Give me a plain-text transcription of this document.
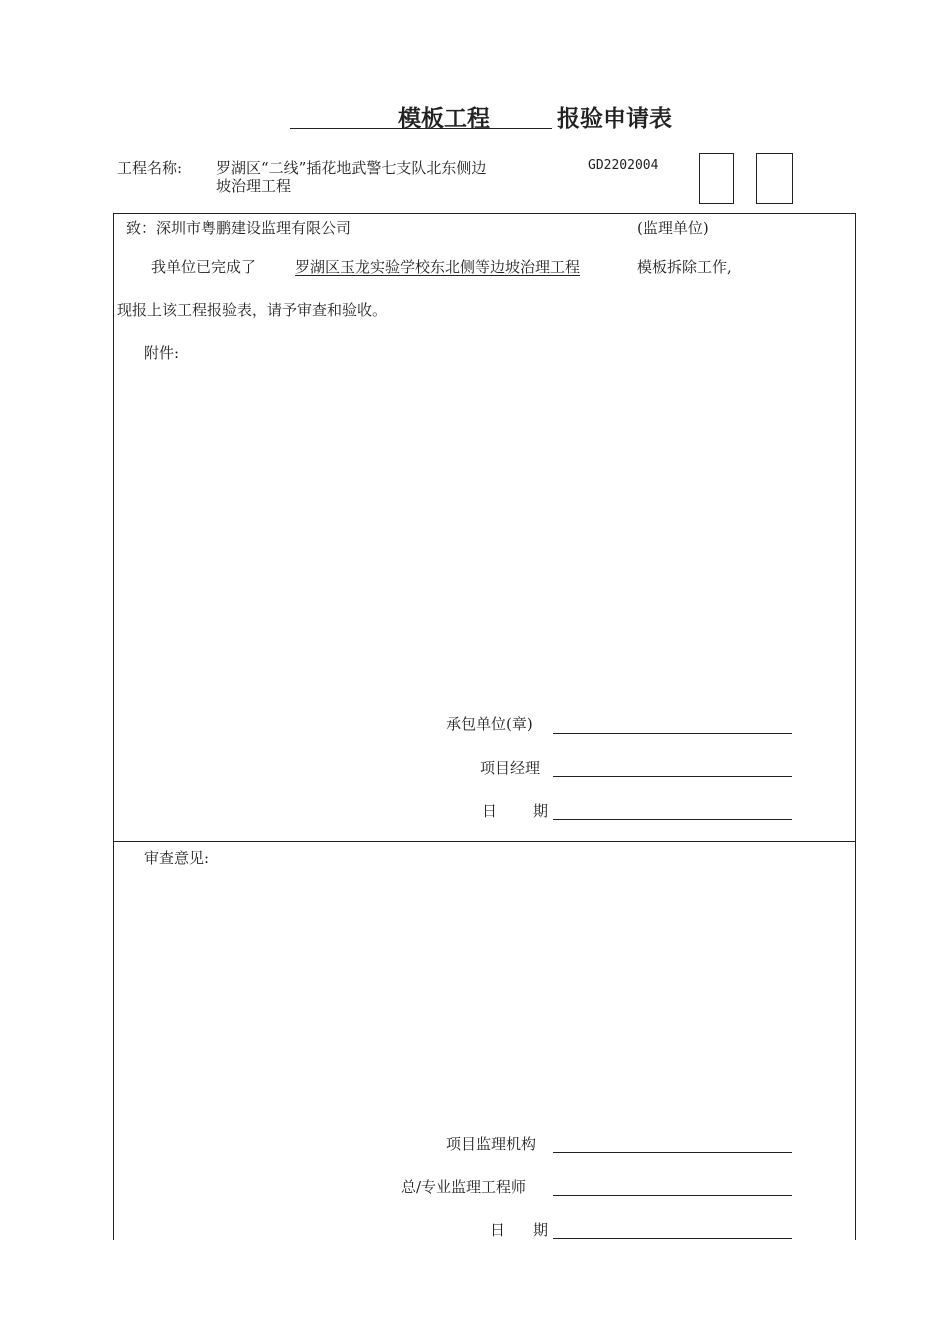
模板工程	报验申请表
工程名称: 罗湖区“二线”插花地武警七支队北东侧边
坡治理工程
GD2202004
致：深圳市粤鹏建设监理有限公司	(监理单位)
我单位已完成了	罗湖区玉龙实验学校东北侧等边坡治理工程	模板拆除工作,
现报上该工程报验表，请予审查和验收。
附件:
承包单位(章)
项目经理
日 期
审查意见:
项目监理机构
总/专业监理工程师
日 期
